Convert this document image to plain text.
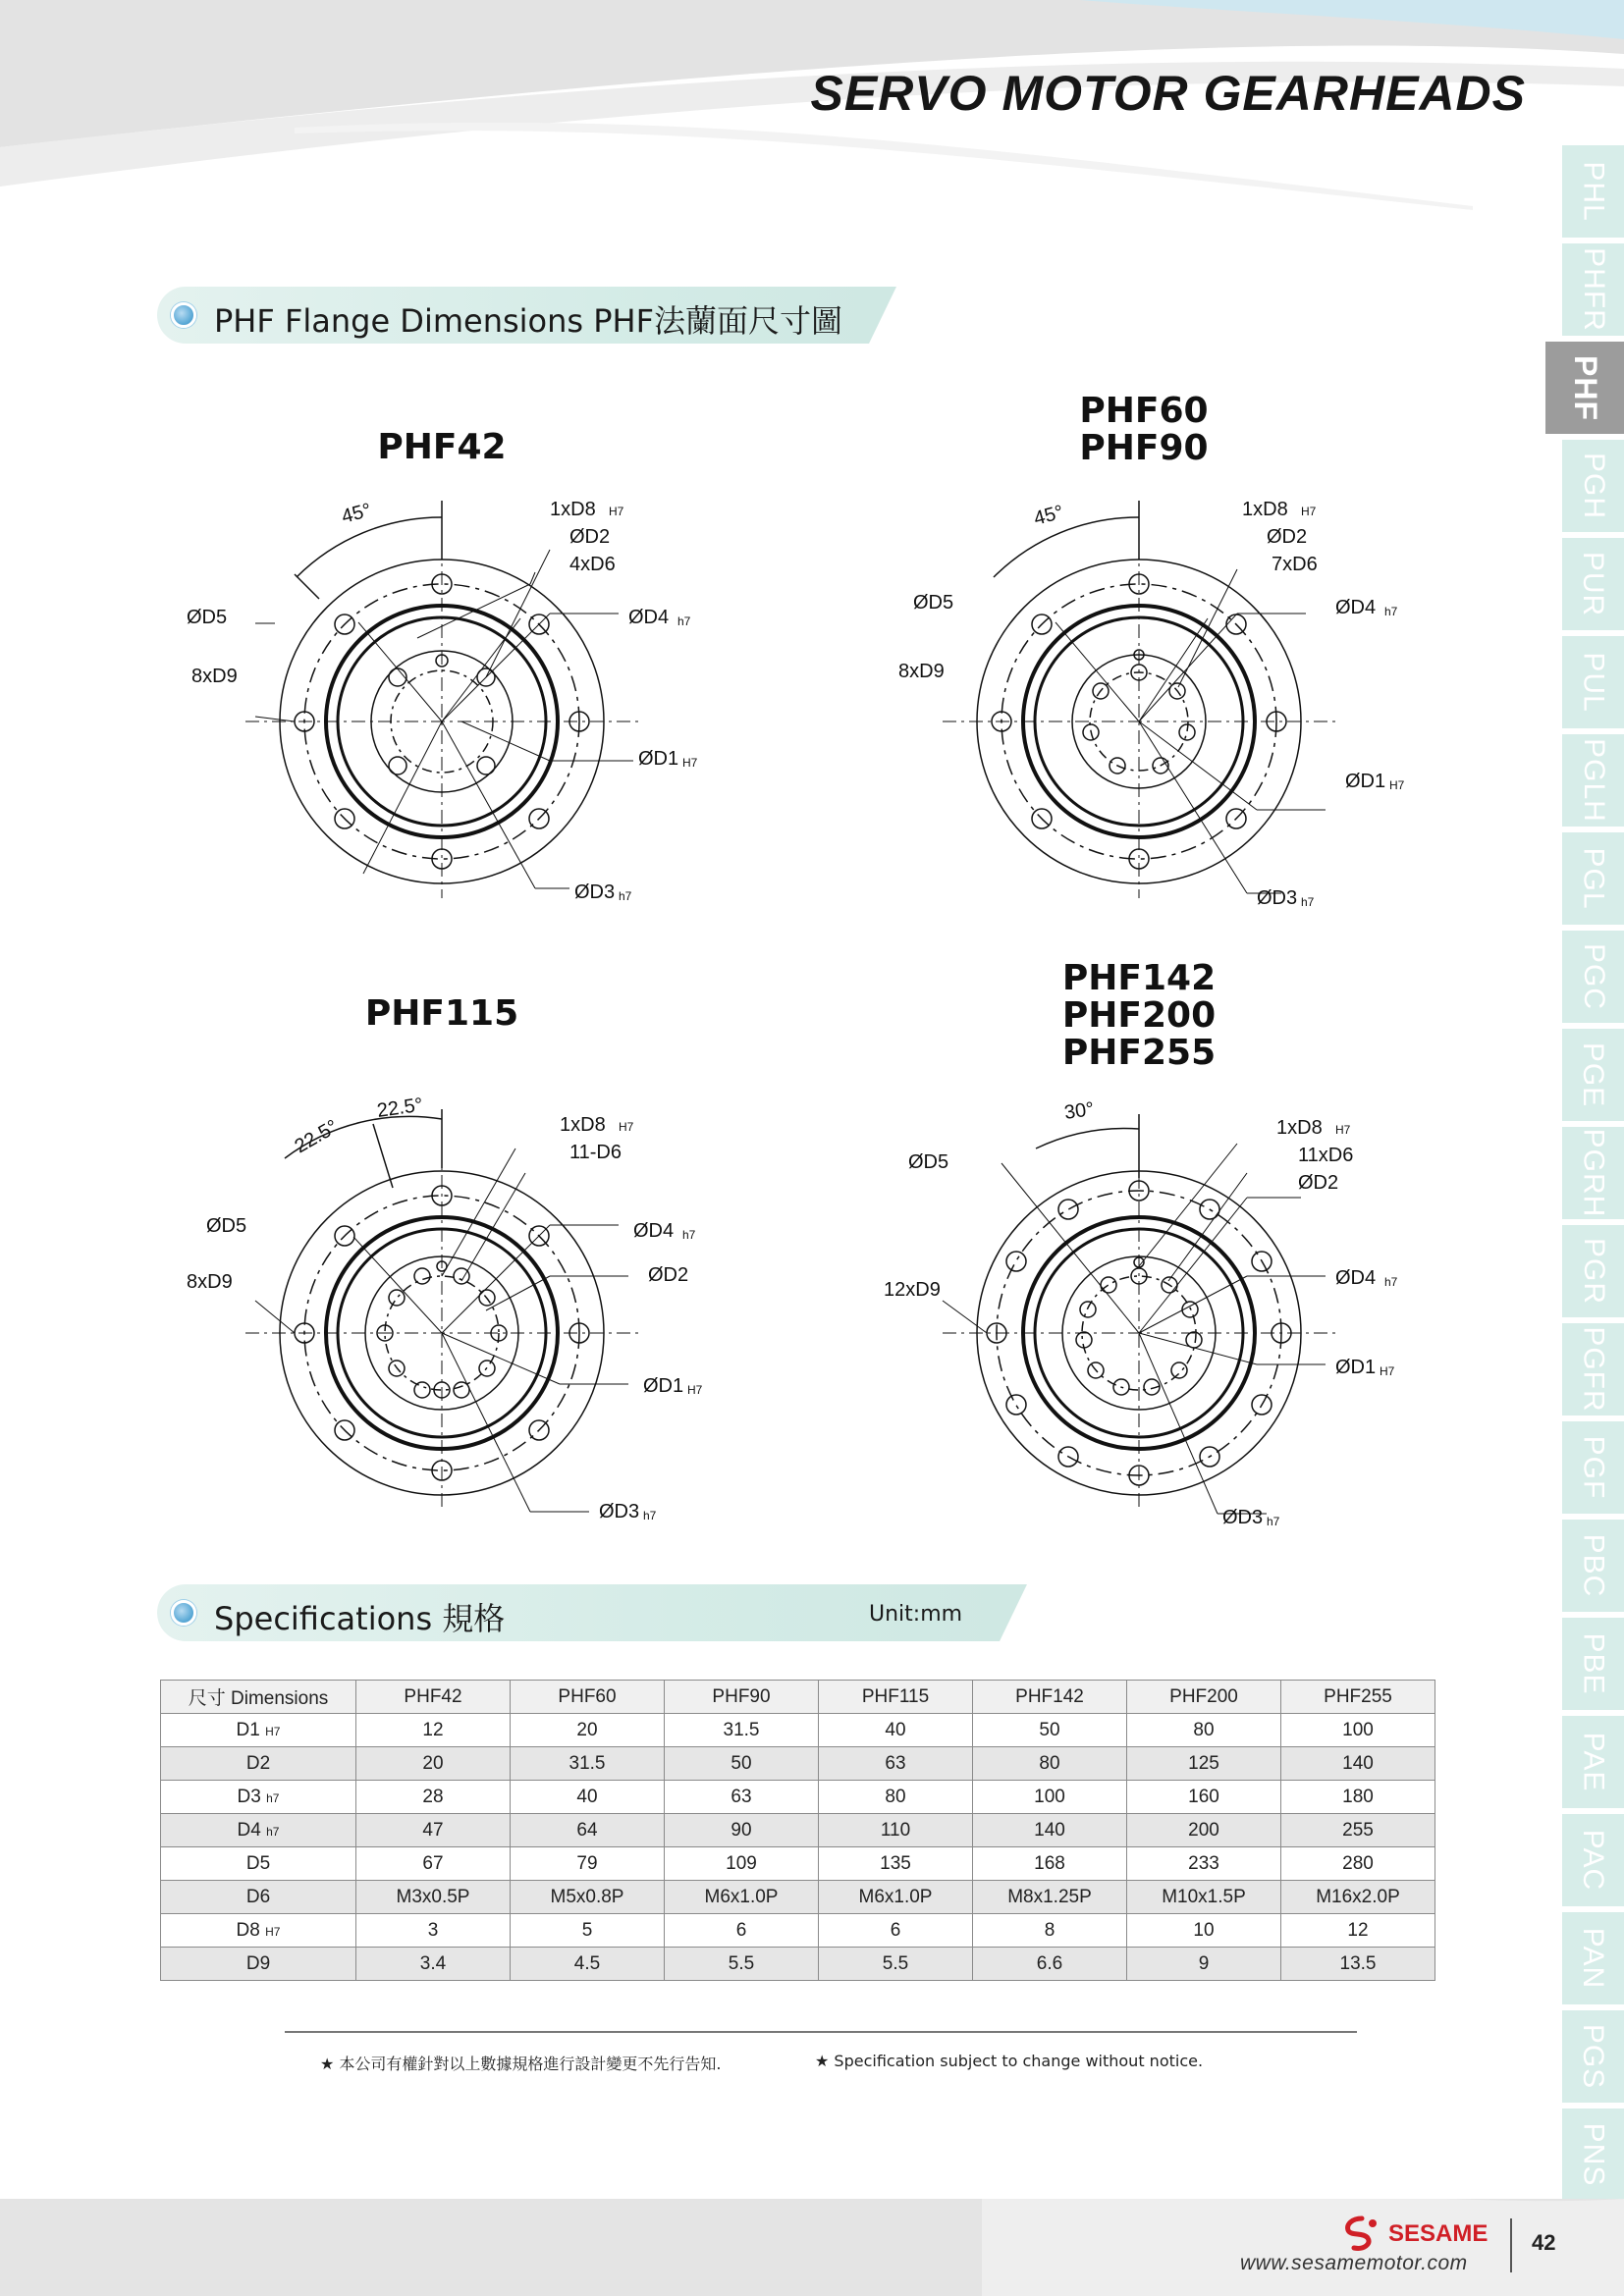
SERVO MOTOR GEARHEADS
PHL
PHFR
PHF
PGH
PUR
PUL
PGLH
PGL
PGC
PGE
PGRH
PGR
PGFR
PGF
PBC
PBE
PAE
PAC
PAN
PGS
PNS
PHF Flange Dimensions PHF法蘭面尺寸圖
PHF42
PHF60
PHF90
PHF115
PHF142
PHF200
PHF255
45°	1xD8 H7
ØD2
4xD6
ØD5	ØD4 h7
8xD9
ØD1 H7
ØD3 h7
45°	1xD8 H7
ØD2
7xD6
ØD5	ØD4 h7
8xD9
ØD1 H7
ØD3 h7
22.5°
22.5°
1xD8 H7
11-D6
ØD5	ØD4 h7
8xD9	ØD2
ØD1 H7
ØD3 h7
30°
1xD8 H7
11xD6
ØD5
ØD2
12xD9
ØD4 h7
ØD1 H7
ØD3 h7
Specifications 規格	Unit:mm
尺寸 Dimensions	PHF42	PHF60	PHF90	PHF115	PHF142	PHF200	PHF255
D1 H7	12	20	31.5	40	50	80	100
D2	20	31.5	50	63	80	125	140
D3 h7	28	40	63	80	100	160	180
D4 h7	47	64	90	110	140	200	255
D5	67	79	109	135	168	233	280
D6	M3x0.5P	M5x0.8P	M6x1.0P	M6x1.0P	M8x1.25P	M10x1.5P	M16x2.0P
D8 H7	3	5	6	6	8	10	12
D9	3.4	4.5	5.5	5.5	6.6	9	13.5
★ 本公司有權針對以上數據規格進行設計變更不先行告知.	★ Specification subject to change without notice.
SESAME
www.sesamemotor.com
42
